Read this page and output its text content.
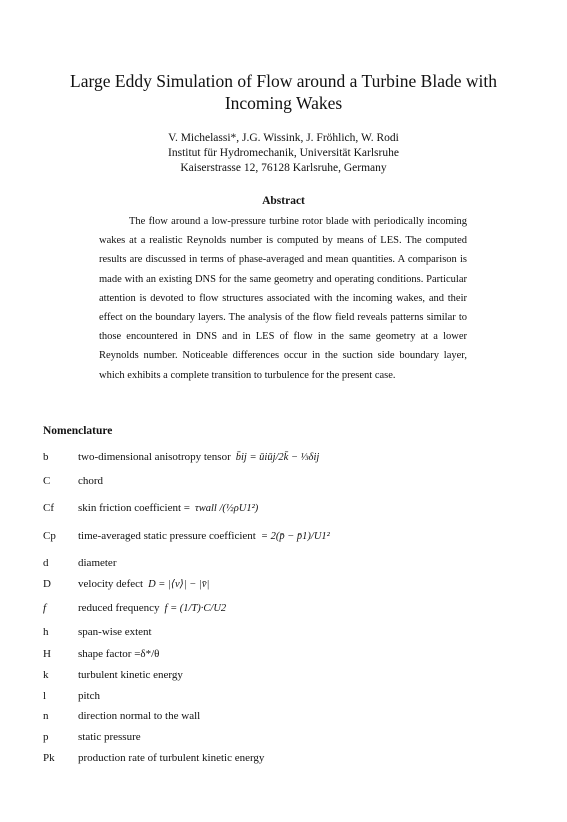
Large Eddy Simulation of Flow around a Turbine Blade with
Incoming Wakes
V. Michelassi*, J.G. Wissink, J. Fröhlich, W. Rodi
Institut für Hydromechanik, Universität Karlsruhe
Kaiserstrasse 12, 76128 Karlsruhe, Germany
Abstract

The flow around a low-pressure turbine rotor blade with periodically incoming wakes at a realistic Reynolds number is computed by means of LES. The computed results are discussed in terms of phase-averaged and mean quantities. A comparison is made with an existing DNS for the same geometry and operating conditions. Particular attention is devoted to flow structures associated with the incoming wakes, and their effect on the boundary layers. The analysis of the flow field reveals patterns similar to those encountered in DNS and in LES of flow in the same geometry at a lower Reynolds number. Noticeable differences occur in the suction side boundary layer, which exhibits a complete transition to turbulence for the present case.

Nomenclature
b	two-dimensional anisotropy tensor b̄ij = ūiūj/2k̄ − ⅓δij
C	chord
Cf	skin friction coefficient = τwall /(½ρU1²)
Cp	time-averaged static pressure coefficient = 2(p̄ − p̄1)/U1²
d	diameter
D	velocity defect D = |⟨v⟩| − |v̄|
f	reduced frequency f = (1/T)·C/U2
h	span-wise extent
H	shape factor =δ*/θ
k	turbulent kinetic energy
l	pitch
n	direction normal to the wall
p	static pressure
Pk	production rate of turbulent kinetic energy
